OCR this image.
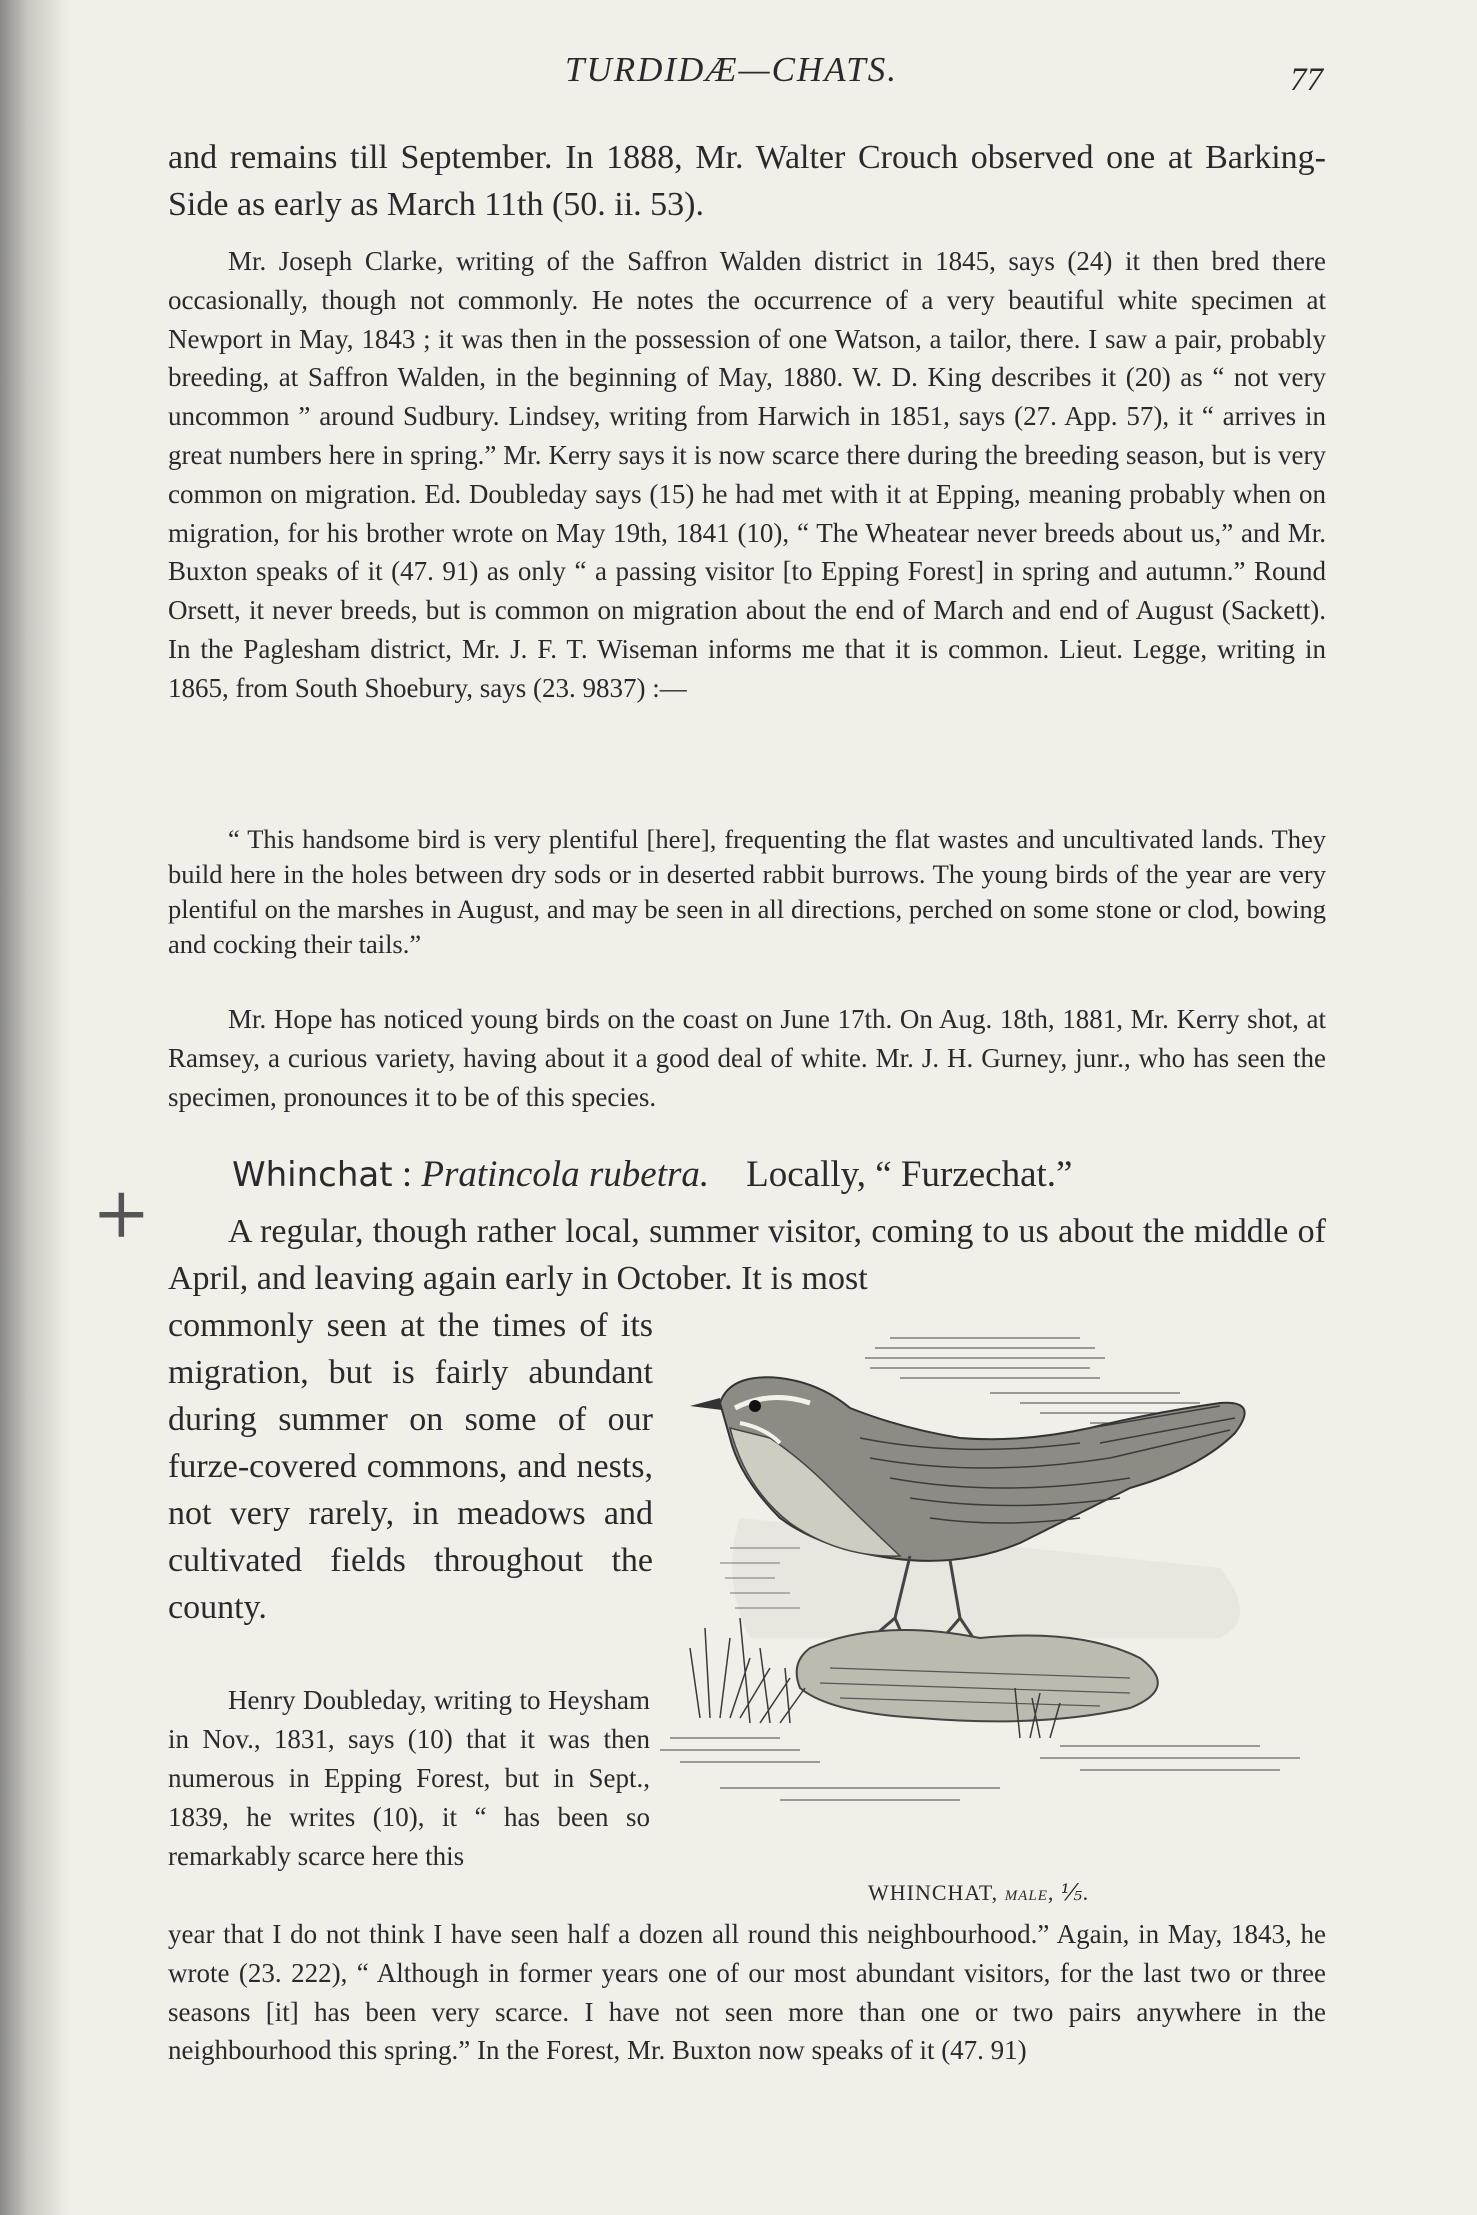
TURDIDÆ—CHATS.	77

and remains till September. In 1888, Mr. Walter Crouch observed one at Barking-Side as early as March 11th (50. ii. 53).

Mr. Joseph Clarke, writing of the Saffron Walden district in 1845, says (24) it then bred there occasionally, though not commonly. He notes the occurrence of a very beautiful white specimen at Newport in May, 1843 ; it was then in the possession of one Watson, a tailor, there. I saw a pair, probably breeding, at Saffron Walden, in the beginning of May, 1880. W. D. King describes it (20) as “ not very uncommon ” around Sudbury. Lindsey, writing from Harwich in 1851, says (27. App. 57), it “ arrives in great numbers here in spring.” Mr. Kerry says it is now scarce there during the breeding season, but is very common on migration. Ed. Doubleday says (15) he had met with it at Epping, meaning probably when on migration, for his brother wrote on May 19th, 1841 (10), “ The Wheatear never breeds about us,” and Mr. Buxton speaks of it (47. 91) as only “ a passing visitor [to Epping Forest] in spring and autumn.” Round Orsett, it never breeds, but is common on migration about the end of March and end of August (Sackett). In the Paglesham district, Mr. J. F. T. Wiseman informs me that it is common. Lieut. Legge, writing in 1865, from South Shoebury, says (23. 9837) :—

“ This handsome bird is very plentiful [here], frequenting the flat wastes and uncultivated lands. They build here in the holes between dry sods or in deserted rabbit burrows. The young birds of the year are very plentiful on the marshes in August, and may be seen in all directions, perched on some stone or clod, bowing and cocking their tails.”

Mr. Hope has noticed young birds on the coast on June 17th. On Aug. 18th, 1881, Mr. Kerry shot, at Ramsey, a curious variety, having about it a good deal of white. Mr. J. H. Gurney, junr., who has seen the specimen, pronounces it to be of this species.

+ Whinchat : Pratincola rubetra. Locally, “ Furzechat.”

A regular, though rather local, summer visitor, coming to us about the middle of April, and leaving again early in October. It is most

commonly seen at the times of its migration, but is fairly abundant during summer on some of our furze-covered commons, and nests, not very rarely, in meadows and cultivated fields throughout the county.

Henry Doubleday, writing to Heysham in Nov., 1831, says (10) that it was then numerous in Epping Forest, but in Sept., 1839, he writes (10), it “ has been so remarkably scarce here this

year that I do not think I have seen half a dozen all round this neighbourhood.” Again, in May, 1843, he wrote (23. 222), “ Although in former years one of our most abundant visitors, for the last two or three seasons [it] has been very scarce. I have not seen more than one or two pairs anywhere in the neighbourhood this spring.” In the Forest, Mr. Buxton now speaks of it (47. 91)

WHINCHAT, male, ⅕.
